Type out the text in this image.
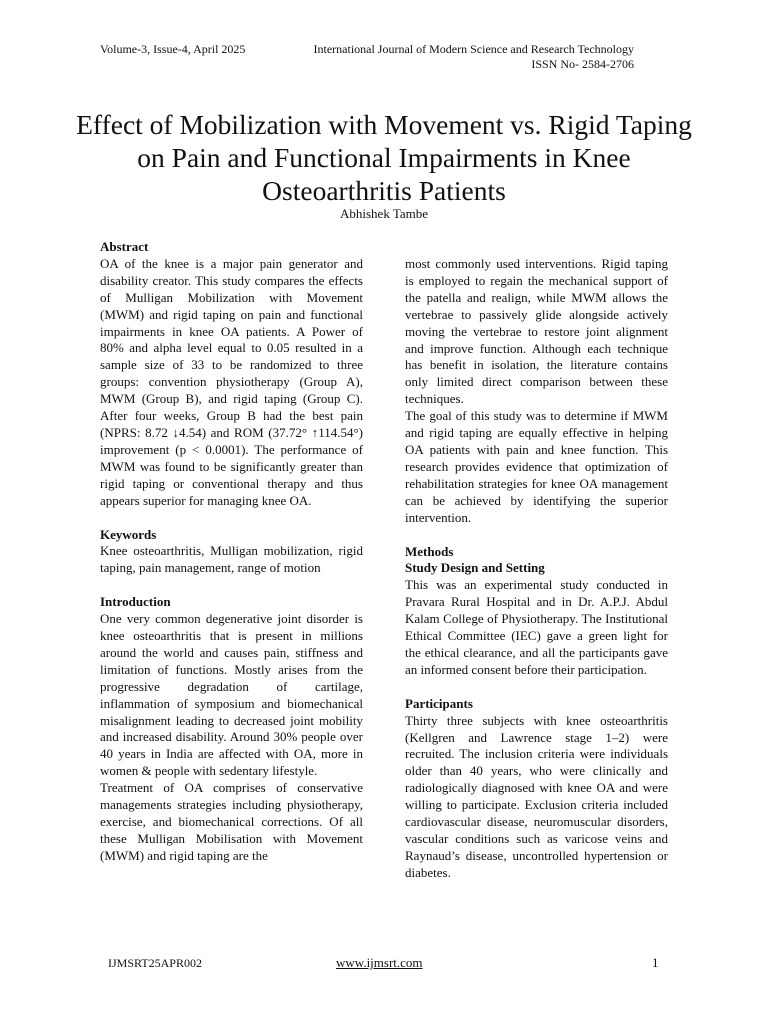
Volume-3, Issue-4, April 2025	International Journal of Modern Science and Research Technology
ISSN No- 2584-2706
Effect of Mobilization with Movement vs. Rigid Taping on Pain and Functional Impairments in Knee Osteoarthritis Patients
Abhishek Tambe
Abstract

OA of the knee is a major pain generator and disability creator. This study compares the effects of Mulligan Mobilization with Movement (MWM) and rigid taping on pain and functional impairments in knee OA patients. A Power of 80% and alpha level equal to 0.05 resulted in a sample size of 33 to be randomized to three groups: convention physiotherapy (Group A), MWM (Group B), and rigid taping (Group C). After four weeks, Group B had the best pain (NPRS: 8.72 ↓4.54) and ROM (37.72° ↑114.54°) improvement (p < 0.0001). The performance of MWM was found to be significantly greater than rigid taping or conventional therapy and thus appears superior for managing knee OA.

Keywords

Knee osteoarthritis, Mulligan mobilization, rigid taping, pain management, range of motion

Introduction

One very common degenerative joint disorder is knee osteoarthritis that is present in millions around the world and causes pain, stiffness and limitation of functions. Mostly arises from the progressive degradation of cartilage, inflammation of symposium and biomechanical misalignment leading to decreased joint mobility and increased disability. Around 30% people over 40 years in India are affected with OA, more in women & people with sedentary lifestyle.

Treatment of OA comprises of conservative managements strategies including physiotherapy, exercise, and biomechanical corrections. Of all these Mulligan Mobilisation with Movement (MWM) and rigid taping are the

most commonly used interventions. Rigid taping is employed to regain the mechanical support of the patella and realign, while MWM allows the vertebrae to passively glide alongside actively moving the vertebrae to restore joint alignment and improve function. Although each technique has benefit in isolation, the literature contains only limited direct comparison between these techniques.

The goal of this study was to determine if MWM and rigid taping are equally effective in helping OA patients with pain and knee function. This research provides evidence that optimization of rehabilitation strategies for knee OA management can be achieved by identifying the superior intervention.

Methods
Study Design and Setting

This was an experimental study conducted in Pravara Rural Hospital and in Dr. A.P.J. Abdul Kalam College of Physiotherapy. The Institutional Ethical Committee (IEC) gave a green light for the ethical clearance, and all the participants gave an informed consent before their participation.

Participants

Thirty three subjects with knee osteoarthritis (Kellgren and Lawrence stage 1–2) were recruited. The inclusion criteria were individuals older than 40 years, who were clinically and radiologically diagnosed with knee OA and were willing to participate. Exclusion criteria included cardiovascular disease, neuromuscular disorders, vascular conditions such as varicose veins and Raynaud’s disease, uncontrolled hypertension or diabetes.

IJMSRT25APR002	www.ijmsrt.com	1
